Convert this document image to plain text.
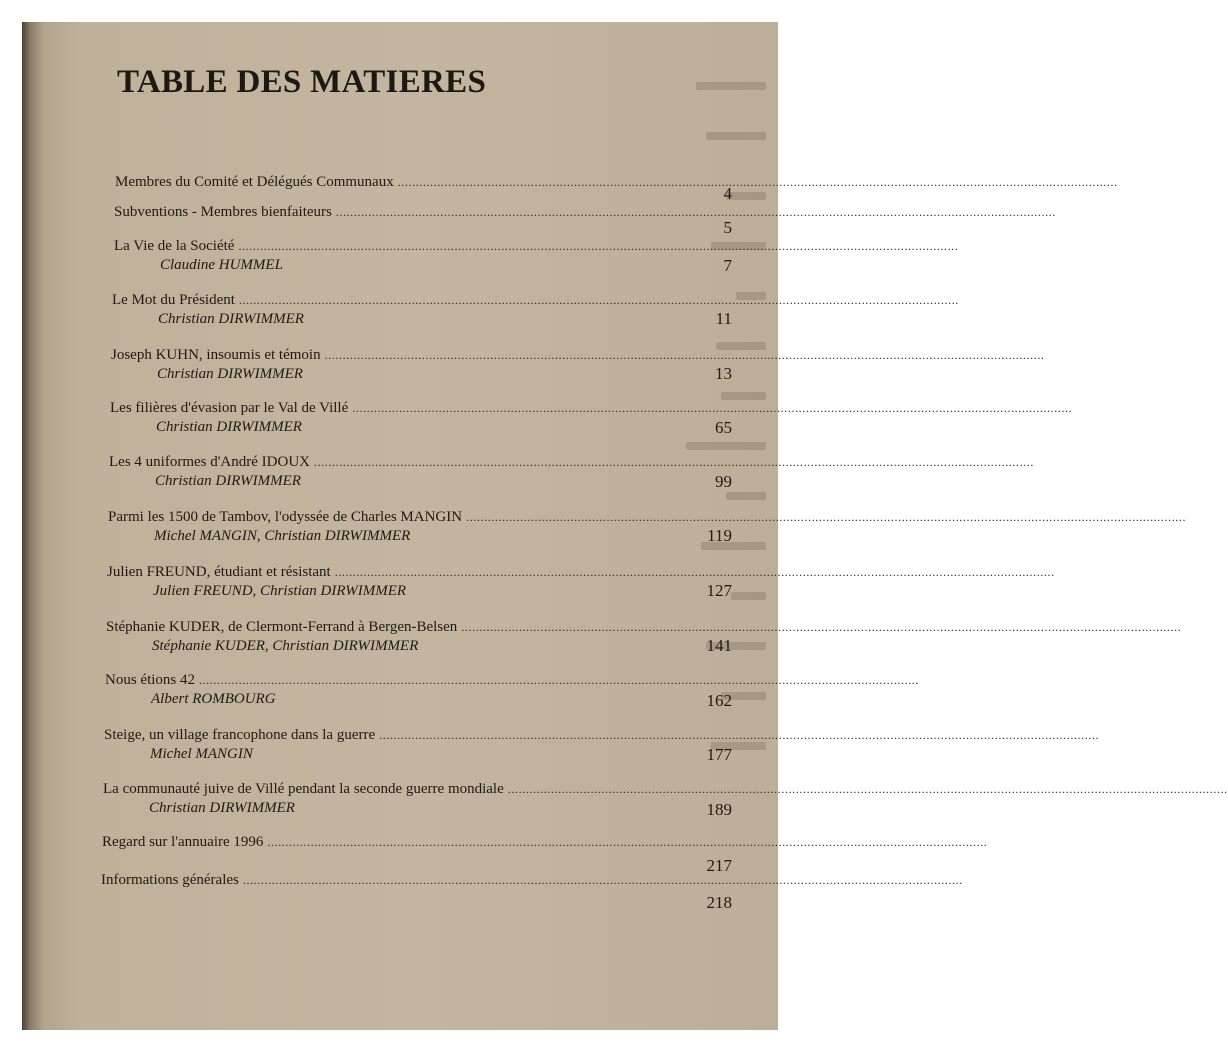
TABLE DES MATIERES
Membres du Comité et Délégués Communaux ........................................................................................................................................................................................................
4
Subventions - Membres bienfaiteurs ........................................................................................................................................................................................................
5
La Vie de la Société ........................................................................................................................................................................................................
Claudine HUMMEL	7
Le Mot du Président ........................................................................................................................................................................................................
Christian DIRWIMMER	11
Joseph KUHN, insoumis et témoin ........................................................................................................................................................................................................
Christian DIRWIMMER	13
Les filières d'évasion par le Val de Villé ........................................................................................................................................................................................................
Christian DIRWIMMER	65
Les 4 uniformes d'André IDOUX ........................................................................................................................................................................................................
Christian DIRWIMMER	99
Parmi les 1500 de Tambov, l'odyssée de Charles MANGIN ........................................................................................................................................................................................................
Michel MANGIN, Christian DIRWIMMER	119
Julien FREUND, étudiant et résistant ........................................................................................................................................................................................................
Julien FREUND, Christian DIRWIMMER	127
Stéphanie KUDER, de Clermont-Ferrand à Bergen-Belsen ........................................................................................................................................................................................................
Stéphanie KUDER, Christian DIRWIMMER	141
Nous étions 42 ........................................................................................................................................................................................................
Albert ROMBOURG	162
Steige, un village francophone dans la guerre ........................................................................................................................................................................................................
Michel MANGIN	177
La communauté juive de Villé pendant la seconde guerre mondiale ........................................................................................................................................................................................................
Christian DIRWIMMER	189
Regard sur l'annuaire 1996 ........................................................................................................................................................................................................
217
Informations générales ........................................................................................................................................................................................................
218
